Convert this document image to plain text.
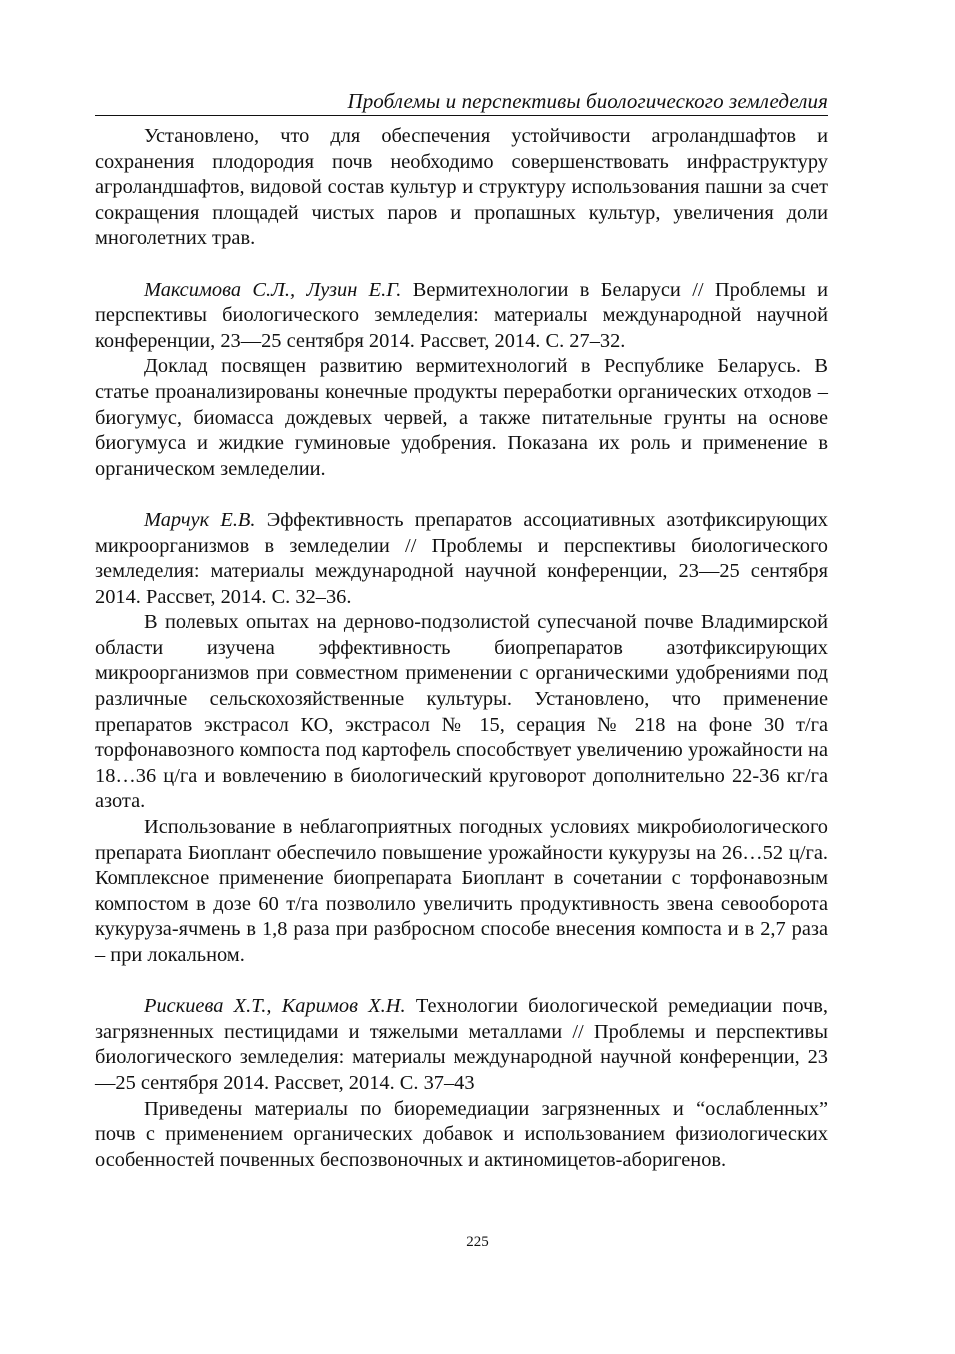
Проблемы и перспективы биологического земледелия

Установлено, что для обеспечения устойчивости агроландшафтов и сохранения плодородия почв необходимо совершенствовать инфраструктуру агроландшафтов, видовой состав культур и структуру использования пашни за счет сокращения площадей чистых паров и пропашных культур, увеличения доли многолетних трав.

Максимова С.Л., Лузин Е.Г. Вермитехнологии в Беларуси // Проблемы и перспективы биологического земледелия: материалы международной научной конференции, 23—25 сентября 2014. Рассвет, 2014. С. 27–32.

Доклад посвящен развитию вермитехнологий в Республике Беларусь. В статье проанализированы конечные продукты переработки органических отходов – биогумус, биомасса дождевых червей, а также питательные грунты на основе биогумуса и жидкие гуминовые удобрения. Показана их роль и применение в органическом земледелии.

Марчук Е.В. Эффективность препаратов ассоциативных азотфиксирующих микроорганизмов в земледелии // Проблемы и перспективы биологического земледелия: материалы международной научной конференции, 23—25 сентября 2014. Рассвет, 2014. С. 32–36.

В полевых опытах на дерново-подзолистой супесчаной почве Владимирской области изучена эффективность биопрепаратов азотфиксирующих микроорганизмов при совместном применении с органическими удобрениями под различные сельскохозяйственные культуры. Установлено, что применение препаратов экстрасол КО, экстрасол № 15, серация № 218 на фоне 30 т/га торфонавозного компоста под картофель способствует увеличению урожайности на 18…36 ц/га и вовлечению в биологический круговорот дополнительно 22-36 кг/га азота.

Использование в неблагоприятных погодных условиях микробиологического препарата Биоплант обеспечило повышение урожайности кукурузы на 26…52 ц/га. Комплексное применение биопрепарата Биоплант в сочетании с торфонавозным компостом в дозе 60 т/га позволило увеличить продуктивность звена севооборота кукуруза-ячмень в 1,8 раза при разбросном способе внесения компоста и в 2,7 раза – при локальном.

Рискиева Х.Т., Каримов Х.Н. Технологии биологической ремедиации почв, загрязненных пестицидами и тяжелыми металлами // Проблемы и перспективы биологического земледелия: материалы международной научной конференции, 23—25 сентября 2014. Рассвет, 2014. С. 37–43

Приведены материалы по биоремедиации загрязненных и “ослабленных” почв с применением органических добавок и использованием физиологических особенностей почвенных беспозвоночных и актиномицетов-аборигенов.

225
